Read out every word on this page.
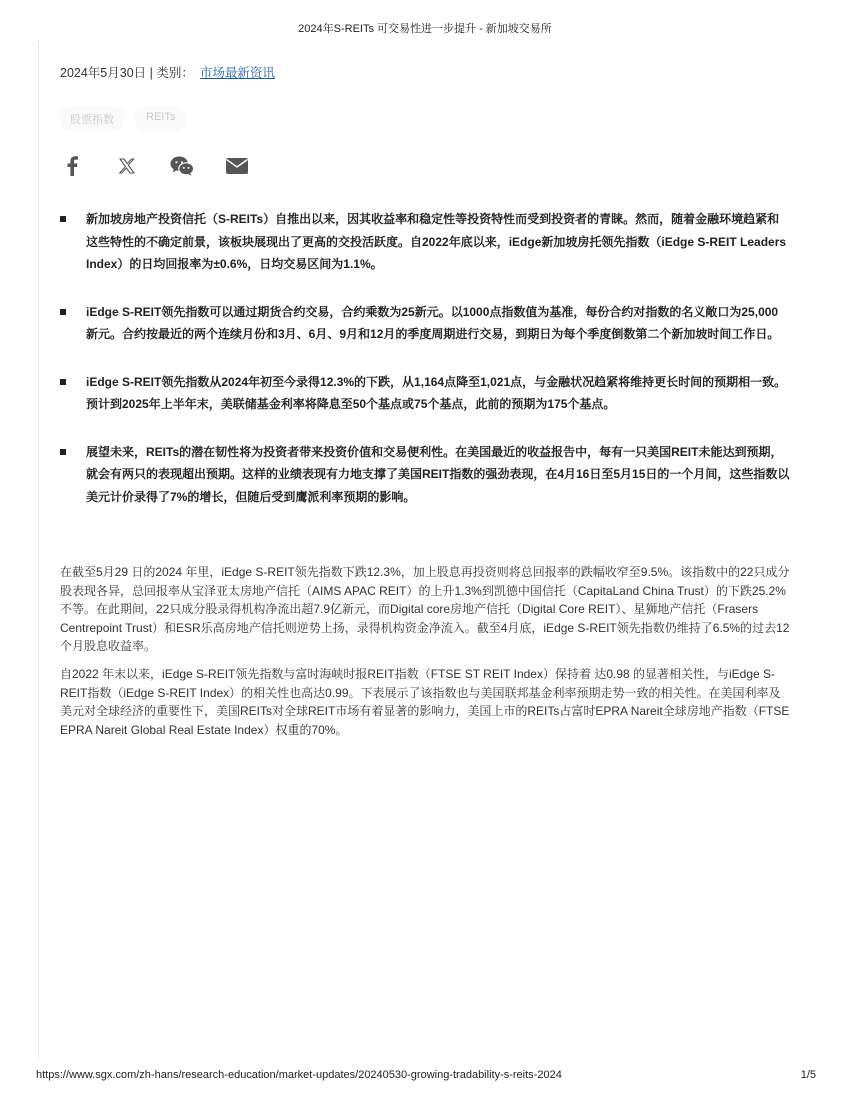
2024年S-REITs 可交易性进一步提升 - 新加坡交易所
2024年5月30日 | 类别： 市场最新资讯
股票指数	REITs
新加坡房地产投资信托（S-REITs）自推出以来，因其收益率和稳定性等投资特性而受到投资者的青睐。然而，随着金融环境趋紧和这些特性的不确定前景，该板块展现出了更高的交投活跃度。自2022年底以来，iEdge新加坡房托领先指数（iEdge S-REIT Leaders Index）的日均回报率为±0.6%，日均交易区间为1.1%。
iEdge S-REIT领先指数可以通过期货合约交易，合约乘数为25新元。以1000点指数值为基准，每份合约对指数的名义敞口为25,000新元。合约按最近的两个连续月份和3月、6月、9月和12月的季度周期进行交易，到期日为每个季度倒数第二个新加坡时间工作日。
iEdge S-REIT领先指数从2024年初至今录得12.3%的下跌，从1,164点降至1,021点，与金融状况趋紧将维持更长时间的预期相一致。预计到2025年上半年末，美联储基金利率将降息至50个基点或75个基点，此前的预期为175个基点。
展望未来，REITs的潜在韧性将为投资者带来投资价值和交易便利性。在美国最近的收益报告中，每有一只美国REIT未能达到预期，就会有两只的表现超出预期。这样的业绩表现有力地支撑了美国REIT指数的强劲表现，在4月16日至5月15日的一个月间，这些指数以美元计价录得了7%的增长，但随后受到鹰派利率预期的影响。

在截至5月29 日的2024 年里，iEdge S-REIT领先指数下跌12.3%，加上股息再投资则将总回报率的跌幅收窄至9.5%。该指数中的22只成分股表现各异，总回报率从宝泽亚太房地产信托（AIMS APAC REIT）的上升1.3%到凯德中国信托（CapitaLand China Trust）的下跌25.2%不等。在此期间，22只成分股录得机构净流出超7.9亿新元，而Digital core房地产信托（Digital Core REIT）、星狮地产信托（Frasers Centrepoint Trust）和ESR乐高房地产信托则逆势上扬，录得机构资金净流入。截至4月底，iEdge S-REIT领先指数仍维持了6.5%的过去12个月股息收益率。

自2022 年末以来，iEdge S-REIT领先指数与富时海峡时报REIT指数（FTSE ST REIT Index）保持着 达0.98 的显著相关性，与iEdge S-REIT指数（iEdge S-REIT Index）的相关性也高达0.99。下表展示了该指数也与美国联邦基金利率预期走势一致的相关性。在美国利率及美元对全球经济的重要性下，美国REITs对全球REIT市场有着显著的影响力，美国上市的REITs占富时EPRA Nareit全球房地产指数（FTSE EPRA Nareit Global Real Estate Index）权重的70%。

https://www.sgx.com/zh-hans/research-education/market-updates/20240530-growing-tradability-s-reits-2024	1/5
